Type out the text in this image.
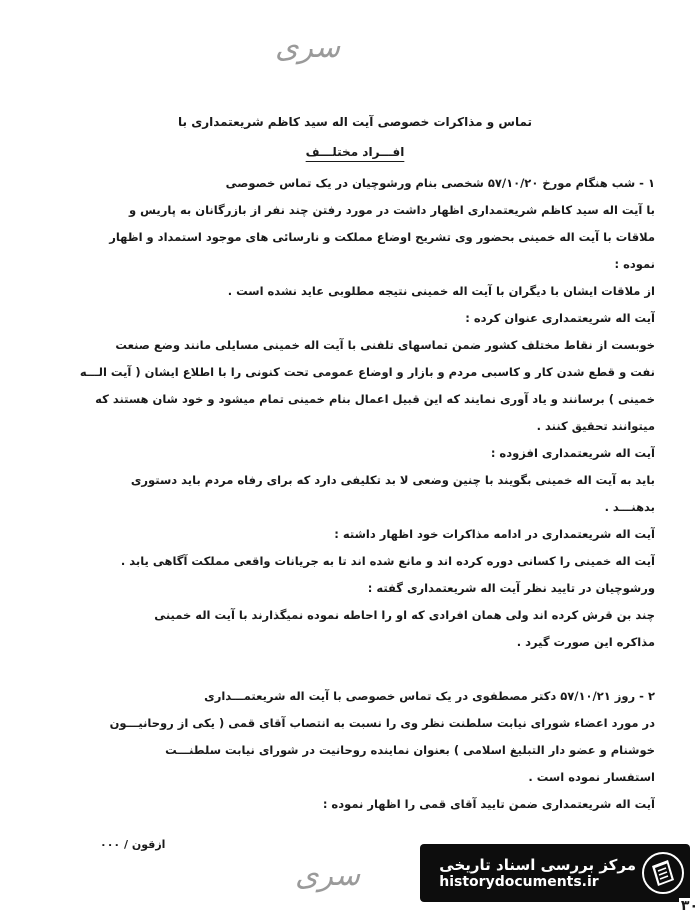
سری
تماس و مذاکرات خصوصی آیت اله سید کاظم شریعتمداری با
افـــراد مختلـــف
۱ - شب هنگام مورخ ۵۷/۱۰/۲۰ شخصی بنام ورشوچیان در یک تماس خصوصی
با آیت اله سید کاظم شریعتمداری اظهار داشت در مورد رفتن چند نفر از بازرگانان به پاریس و
ملاقات با آیت اله خمینی بحضور وی تشریح اوضاع مملکت و نارسائی های موجود استمداد و اظهار
نموده :
از ملاقات ایشان با دیگران با آیت اله خمینی نتیجه مطلوبی عاید نشده است .
آیت اله شریعتمداری عنوان کرده :
خوبست از نقاط مختلف کشور ضمن تماسهای تلفنی با آیت اله خمینی مسایلی مانند وضع صنعت
نفت و قطع شدن کار و کاسبی مردم و بازار و اوضاع عمومی تحت کنونی را با اطلاع ایشان ( آیت الـــه
خمینی ) برسانند و یاد آوری نمایند که این قبیل اعمال بنام خمینی تمام میشود و خود شان هستند که
میتوانند تحقیق کنند .
آیت اله شریعتمداری افزوده :
باید به آیت اله خمینی بگویند با چنین وضعی لا بد تکلیفی دارد که برای رفاه مردم باید دستوری
بدهنـــد .
آیت اله شریعتمداری در ادامه مذاکرات خود اظهار داشته :
آیت اله خمینی را کسانی دوره کرده اند و مانع شده اند تا به جریانات واقعی مملکت آگاهی یابد .
ورشوچیان در تایید نظر آیت اله شریعتمداری گفته :
چند بن قرش کرده اند ولی همان افرادی که او را احاطه نموده نمیگذارند با آیت اله خمینی
مذاکره این صورت گیرد .
۲ - روز ۵۷/۱۰/۲۱ دکتر مصطفوی در یک تماس خصوصی با آیت اله شریعتمـــداری
در مورد اعضاء شورای نیابت سلطنت نظر وی را نسبت به انتصاب آقای قمی ( یکی از روحانیـــون
خوشنام و عضو دار التبلیغ اسلامی ) بعنوان نماینده روحانیت در شورای نیابت سلطنـــت
استفسار نموده است .
آیت اله شریعتمداری ضمن تایید آقای قمی را اظهار نموده :
ازقون / ۰۰۰
سری	مرکز بررسی اسناد تاریخی
historydocuments.ir
۳۰
